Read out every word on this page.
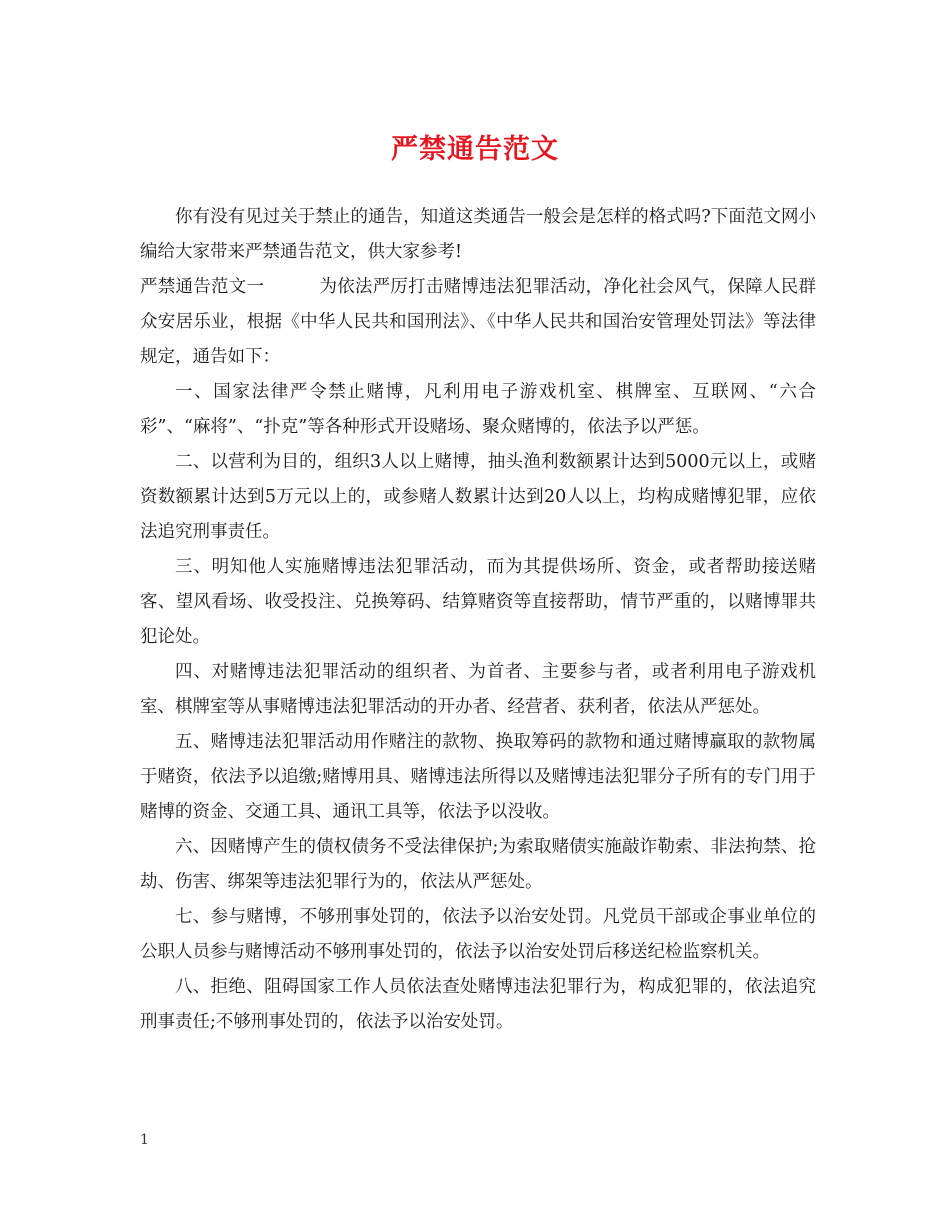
严禁通告范文

你有没有见过关于禁止的通告，知道这类通告一般会是怎样的格式吗?下面范文网小编给大家带来严禁通告范文，供大家参考!

严禁通告范文一	为依法严厉打击赌博违法犯罪活动，净化社会风气，保障人民群众安居乐业，根据《中华人民共和国刑法》、《中华人民共和国治安管理处罚法》等法律规定，通告如下：

一、国家法律严令禁止赌博，凡利用电子游戏机室、棋牌室、互联网、“六合彩”、“麻将”、“扑克”等各种形式开设赌场、聚众赌博的，依法予以严惩。

二、以营利为目的，组织3人以上赌博，抽头渔利数额累计达到5000元以上，或赌资数额累计达到5万元以上的，或参赌人数累计达到20人以上，均构成赌博犯罪，应依法追究刑事责任。

三、明知他人实施赌博违法犯罪活动，而为其提供场所、资金，或者帮助接送赌客、望风看场、收受投注、兑换筹码、结算赌资等直接帮助，情节严重的，以赌博罪共犯论处。

四、对赌博违法犯罪活动的组织者、为首者、主要参与者，或者利用电子游戏机室、棋牌室等从事赌博违法犯罪活动的开办者、经营者、获利者，依法从严惩处。

五、赌博违法犯罪活动用作赌注的款物、换取筹码的款物和通过赌博赢取的款物属于赌资，依法予以追缴;赌博用具、赌博违法所得以及赌博违法犯罪分子所有的专门用于赌博的资金、交通工具、通讯工具等，依法予以没收。

六、因赌博产生的债权债务不受法律保护;为索取赌债实施敲诈勒索、非法拘禁、抢劫、伤害、绑架等违法犯罪行为的，依法从严惩处。

七、参与赌博，不够刑事处罚的，依法予以治安处罚。凡党员干部或企事业单位的公职人员参与赌博活动不够刑事处罚的，依法予以治安处罚后移送纪检监察机关。

八、拒绝、阻碍国家工作人员依法查处赌博违法犯罪行为，构成犯罪的，依法追究刑事责任;不够刑事处罚的，依法予以治安处罚。

1
